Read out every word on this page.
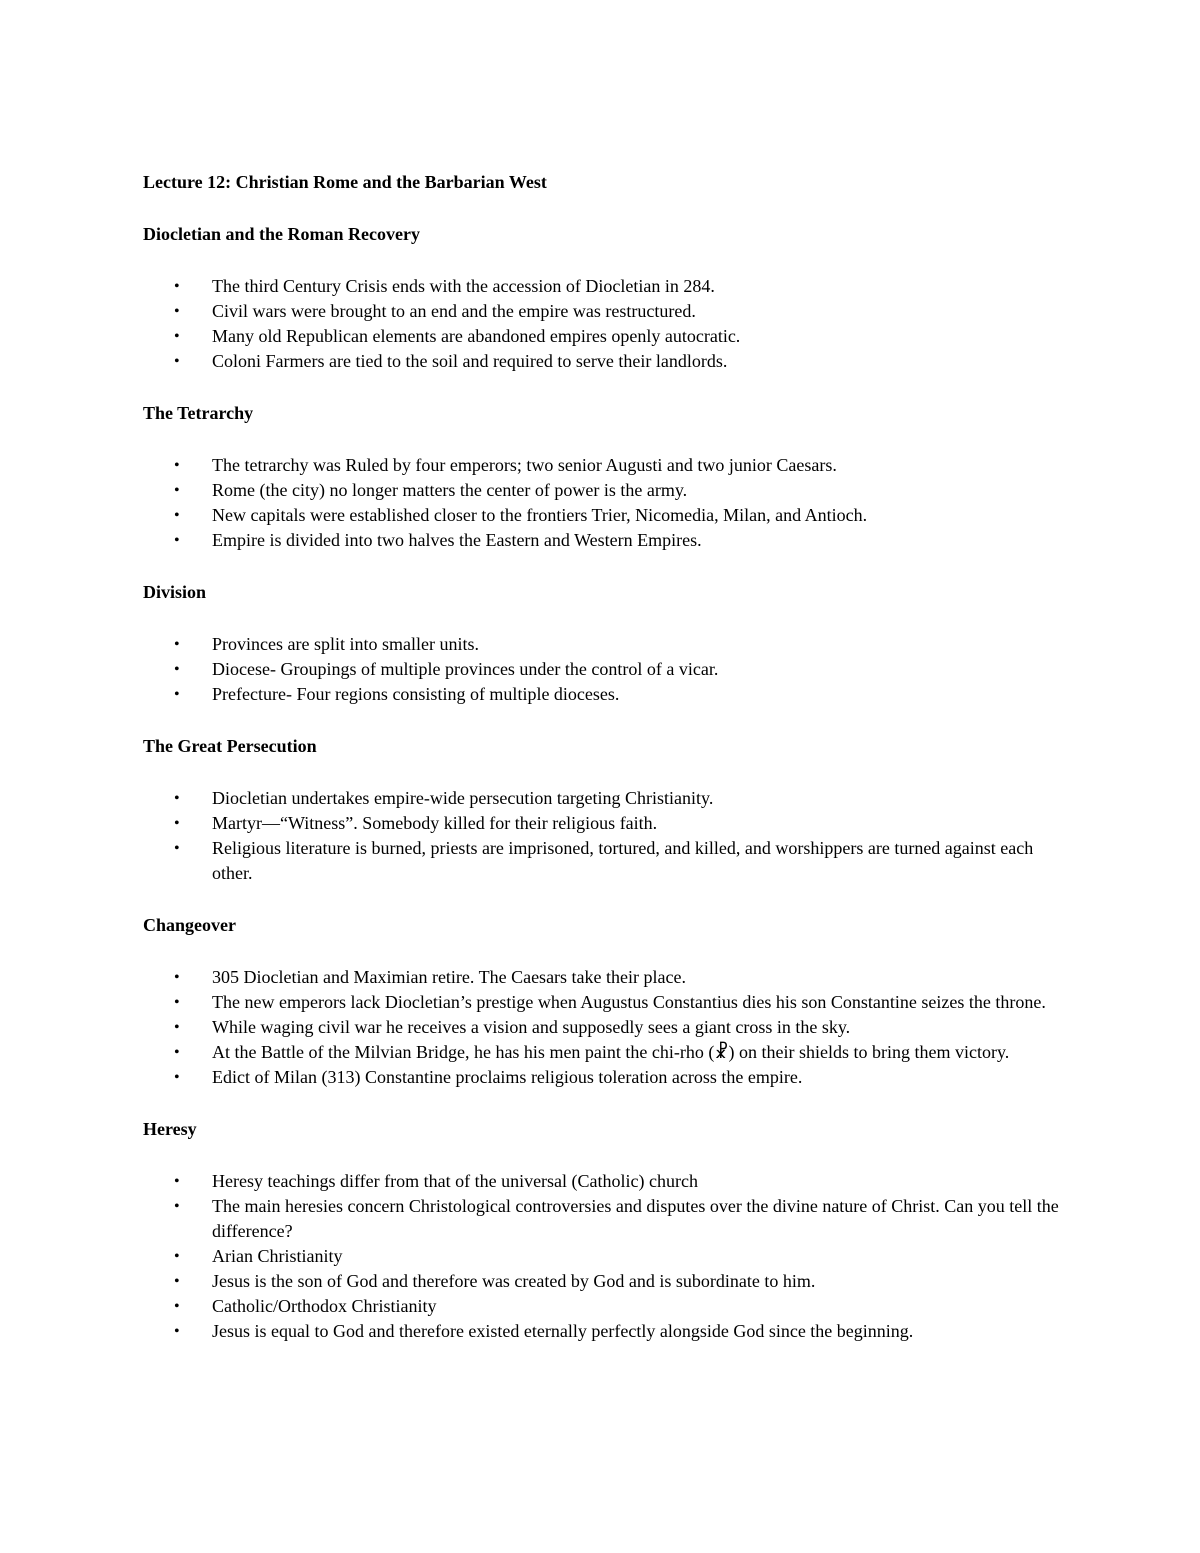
Lecture 12: Christian Rome and the Barbarian West
Diocletian and the Roman Recovery
• The third Century Crisis ends with the accession of Diocletian in 284.
• Civil wars were brought to an end and the empire was restructured.
• Many old Republican elements are abandoned empires openly autocratic.
• Coloni Farmers are tied to the soil and required to serve their landlords.
The Tetrarchy
• The tetrarchy was Ruled by four emperors; two senior Augusti and two junior Caesars.
• Rome (the city) no longer matters the center of power is the army.
• New capitals were established closer to the frontiers Trier, Nicomedia, Milan, and Antioch.
• Empire is divided into two halves the Eastern and Western Empires.
Division
• Provinces are split into smaller units.
• Diocese- Groupings of multiple provinces under the control of a vicar.
• Prefecture- Four regions consisting of multiple dioceses.
The Great Persecution
• Diocletian undertakes empire-wide persecution targeting Christianity.
• Martyr—“Witness”. Somebody killed for their religious faith.
• Religious literature is burned, priests are imprisoned, tortured, and killed, and worshippers are turned against each other.
Changeover
• 305 Diocletian and Maximian retire. The Caesars take their place.
• The new emperors lack Diocletian’s prestige when Augustus Constantius dies his son Constantine seizes the throne.
• While waging civil war he receives a vision and supposedly sees a giant cross in the sky.
• At the Battle of the Milvian Bridge, he has his men paint the chi-rho (☧) on their shields to bring them victory.
• Edict of Milan (313) Constantine proclaims religious toleration across the empire.
Heresy
• Heresy teachings differ from that of the universal (Catholic) church
• The main heresies concern Christological controversies and disputes over the divine nature of Christ. Can you tell the difference?
• Arian Christianity
• Jesus is the son of God and therefore was created by God and is subordinate to him.
• Catholic/Orthodox Christianity
• Jesus is equal to God and therefore existed eternally perfectly alongside God since the beginning.
